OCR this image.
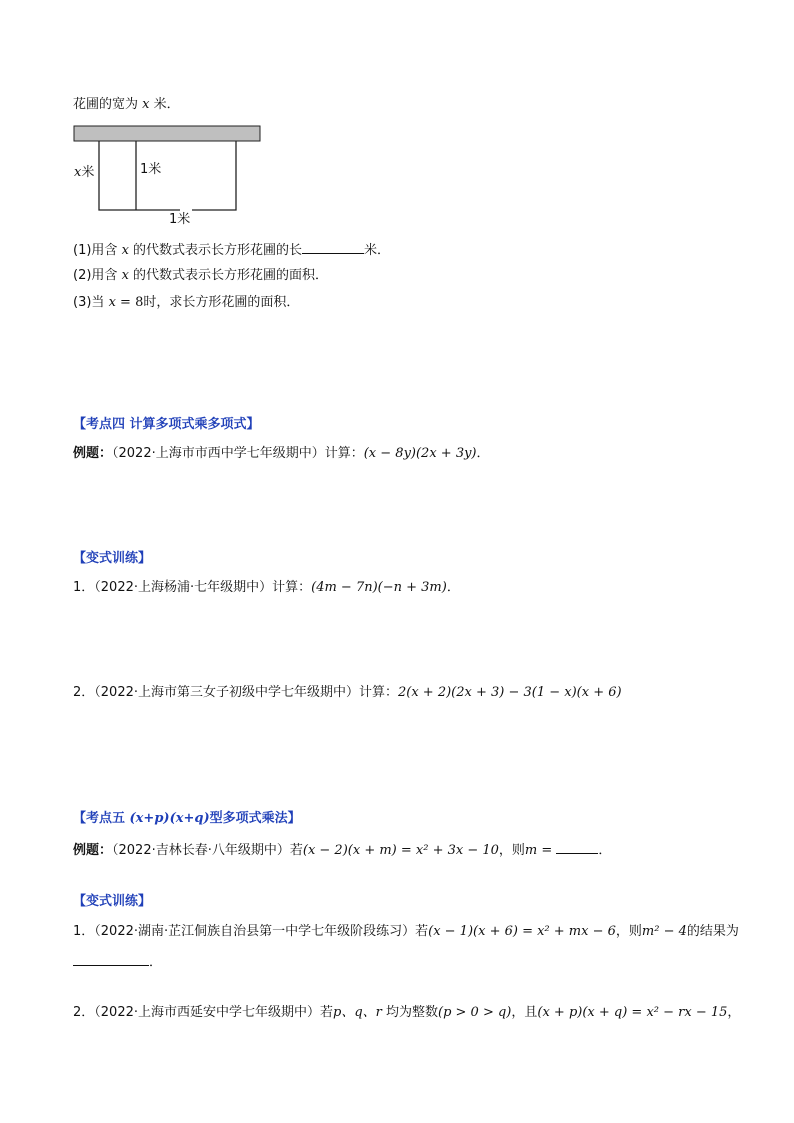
花圃的宽为 x 米．
x米	1米
1米
(1)用含 x 的代数式表示长方形花圃的长	米．
(2)用含 x 的代数式表示长方形花圃的面积．
(3)当 x = 8时，求长方形花圃的面积．
【考点四 计算多项式乘多项式】
例题：（2022·上海市市西中学七年级期中）计算：(x − 8y)(2x + 3y)．
【变式训练】
1．（2022·上海杨浦·七年级期中）计算：(4m − 7n)(−n + 3m)．
2．（2022·上海市第三女子初级中学七年级期中）计算：2(x + 2)(2x + 3) − 3(1 − x)(x + 6)
【考点五 (x+p)(x+q)型多项式乘法】
例题：（2022·吉林长春·八年级期中）若(x − 2)(x + m) = x² + 3x − 10，则m =	．
【变式训练】
1．（2022·湖南·芷江侗族自治县第一中学七年级阶段练习）若(x − 1)(x + 6) = x² + mx − 6，则m² − 4的结果为
．
2．（2022·上海市西延安中学七年级期中）若p、q、r 均为整数(p > 0 > q)，且(x + p)(x + q) = x² − rx − 15，
